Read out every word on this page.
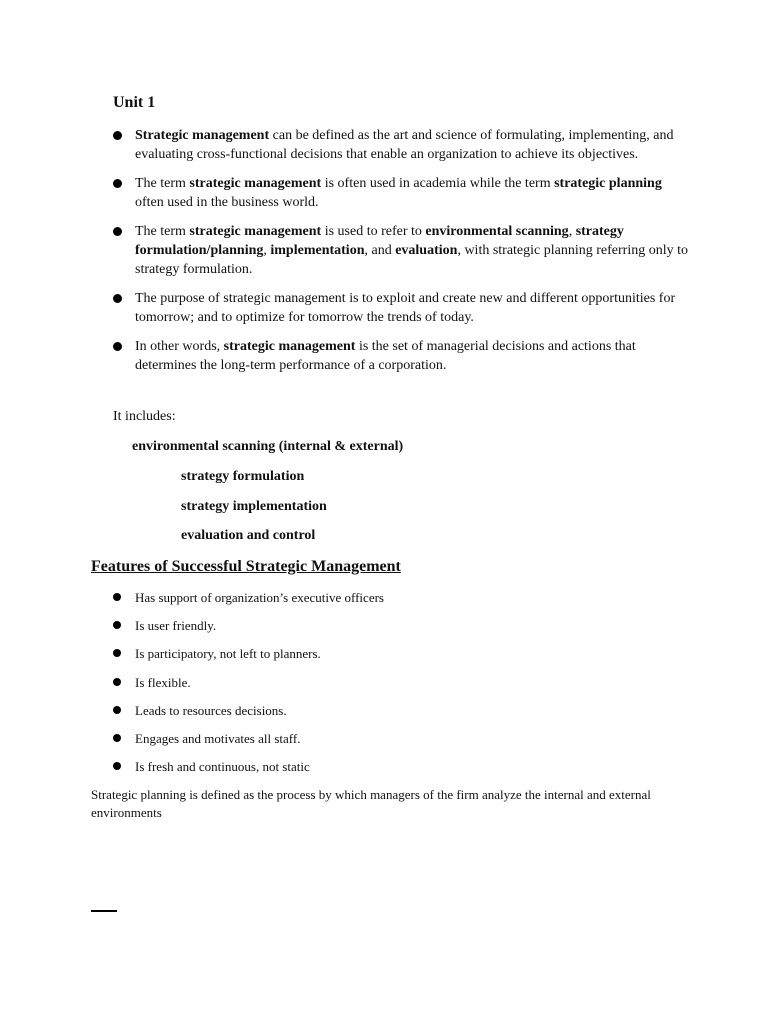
Unit 1
Strategic management can be defined as the art and science of formulating, implementing, and evaluating cross-functional decisions that enable an organization to achieve its objectives.
The term strategic management is often used in academia while the term strategic planning often used in the business world.
The term strategic management is used to refer to environmental scanning, strategy formulation/planning, implementation, and evaluation, with strategic planning referring only to strategy formulation.
The purpose of strategic management is to exploit and create new and different opportunities for tomorrow; and to optimize for tomorrow the trends of today.
In other words, strategic management is the set of managerial decisions and actions that determines the long-term performance of a corporation.

It includes:

environmental scanning (internal & external)

strategy formulation

strategy implementation

evaluation and control

Features of Successful Strategic Management
Has support of organization’s executive officers
Is user friendly.
Is participatory, not left to planners.
Is flexible.
Leads to resources decisions.
Engages and motivates all staff.
Is fresh and continuous, not static

Strategic planning is defined as the process by which managers of the firm analyze the internal and external environments
